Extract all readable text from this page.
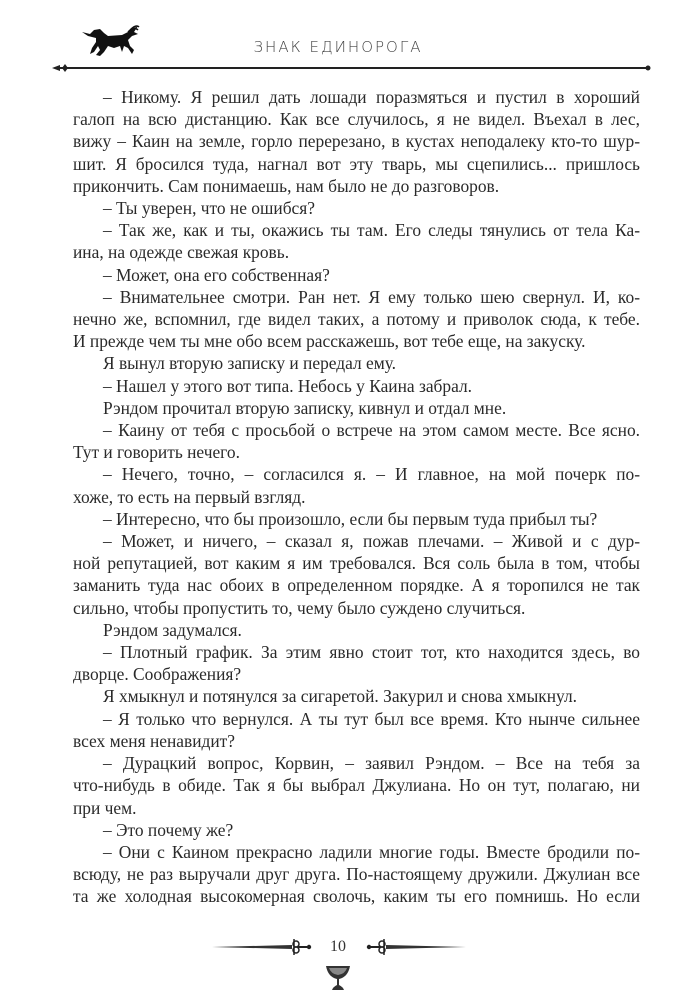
ЗНАК ЕДИНОРОГА
– Никому. Я решил дать лошади поразмяться и пустил в хороший
галоп на всю дистанцию. Как все случилось, я не видел. Въехал в лес,
вижу – Каин на земле, горло перерезано, в кустах неподалеку кто-то шур-
шит. Я бросился туда, нагнал вот эту тварь, мы сцепились... пришлось
прикончить. Сам понимаешь, нам было не до разговоров.
– Ты уверен, что не ошибся?
– Так же, как и ты, окажись ты там. Его следы тянулись от тела Ка-
ина, на одежде свежая кровь.
– Может, она его собственная?
– Внимательнее смотри. Ран нет. Я ему только шею свернул. И, ко-
нечно же, вспомнил, где видел таких, а потому и приволок сюда, к тебе.
И прежде чем ты мне обо всем расскажешь, вот тебе еще, на закуску.
Я вынул вторую записку и передал ему.
– Нашел у этого вот типа. Небось у Каина забрал.
Рэндом прочитал вторую записку, кивнул и отдал мне.
– Каину от тебя с просьбой о встрече на этом самом месте. Все ясно.
Тут и говорить нечего.
– Нечего, точно, – согласился я. – И главное, на мой почерк по-
хоже, то есть на первый взгляд.
– Интересно, что бы произошло, если бы первым туда прибыл ты?
– Может, и ничего, – сказал я, пожав плечами. – Живой и с дур-
ной репутацией, вот каким я им требовался. Вся соль была в том, чтобы
заманить туда нас обоих в определенном порядке. А я торопился не так
сильно, чтобы пропустить то, чему было суждено случиться.
Рэндом задумался.
– Плотный график. За этим явно стоит тот, кто находится здесь, во
дворце. Соображения?
Я хмыкнул и потянулся за сигаретой. Закурил и снова хмыкнул.
– Я только что вернулся. А ты тут был все время. Кто нынче сильнее
всех меня ненавидит?
– Дурацкий вопрос, Корвин, – заявил Рэндом. – Все на тебя за
что-нибудь в обиде. Так я бы выбрал Джулиана. Но он тут, полагаю, ни
при чем.
– Это почему же?
– Они с Каином прекрасно ладили многие годы. Вместе бродили по-
всюду, не раз выручали друг друга. По-настоящему дружили. Джулиан все
та же холодная высокомерная сволочь, каким ты его помнишь. Но если
10
